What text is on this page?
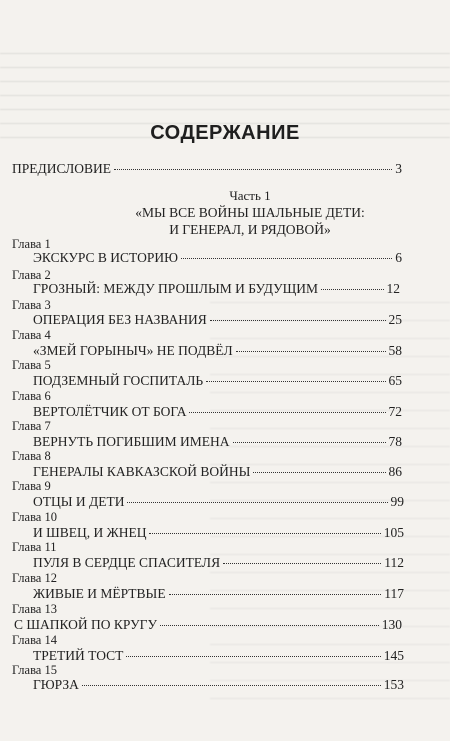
СОДЕРЖАНИЕ
ПРЕДИСЛОВИЕ	3
Часть 1
«МЫ ВСЕ ВОЙНЫ ШАЛЬНЫЕ ДЕТИ:
И ГЕНЕРАЛ, И РЯДОВОЙ»
Глава 1
ЭКСКУРС В ИСТОРИЮ	6
Глава 2
ГРОЗНЫЙ: МЕЖДУ ПРОШЛЫМ И БУДУЩИМ	12
Глава 3
ОПЕРАЦИЯ БЕЗ НАЗВАНИЯ	25
Глава 4
«ЗМЕЙ ГОРЫНЫЧ» НЕ ПОДВЁЛ	58
Глава 5
ПОДЗЕМНЫЙ ГОСПИТАЛЬ	65
Глава 6
ВЕРТОЛЁТЧИК ОТ БОГА	72
Глава 7
ВЕРНУТЬ ПОГИБШИМ ИМЕНА	78
Глава 8
ГЕНЕРАЛЫ КАВКАЗСКОЙ ВОЙНЫ	86
Глава 9
ОТЦЫ И ДЕТИ	99
Глава 10
И ШВЕЦ, И ЖНЕЦ	105
Глава 11
ПУЛЯ В СЕРДЦЕ СПАСИТЕЛЯ	112
Глава 12
ЖИВЫЕ И МЁРТВЫЕ	117
Глава 13
С ШАПКОЙ ПО КРУГУ	130
Глава 14
ТРЕТИЙ ТОСТ	145
Глава 15
ГЮРЗА	153
